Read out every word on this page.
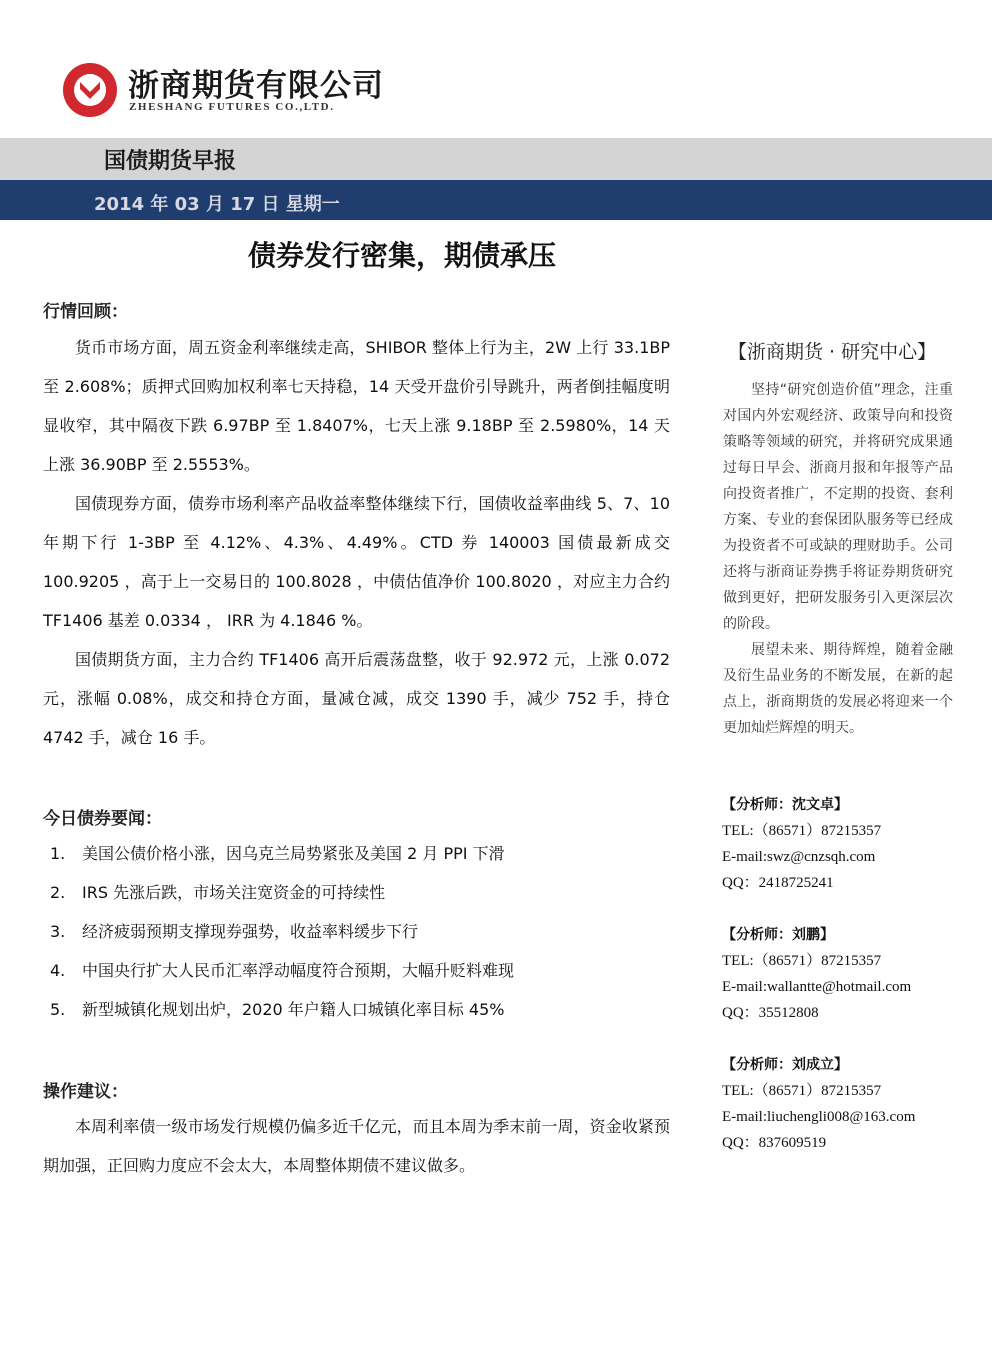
浙商期货有限公司
ZHESHANG FUTURES CO.,LTD.
国债期货早报
2014 年 03 月 17 日 星期一
债券发行密集，期债承压
行情回顾：

货币市场方面，周五资金利率继续走高，SHIBOR 整体上行为主，2W 上行 33.1BP 至 2.608%；质押式回购加权利率七天持稳，14 天受开盘价引导跳升，两者倒挂幅度明显收窄，其中隔夜下跌 6.97BP 至 1.8407%，七天上涨 9.18BP 至 2.5980%，14 天上涨 36.90BP 至 2.5553%。

国债现券方面，债券市场利率产品收益率整体继续下行，国债收益率曲线 5、7、10 年期下行 1-3BP 至 4.12%、4.3%、4.49%。CTD 券 140003 国债最新成交 100.9205 ，高于上一交易日的 100.8028 ，中债估值净价 100.8020 ，对应主力合约 TF1406 基差 0.0334 ， IRR 为 4.1846 %。

国债期货方面，主力合约 TF1406 高开后震荡盘整，收于 92.972 元，上涨 0.072 元，涨幅 0.08%，成交和持仓方面，量减仓减，成交 1390 手，减少 752 手，持仓 4742 手，减仓 16 手。

今日债券要闻：
1. 美国公债价格小涨，因乌克兰局势紧张及美国 2 月 PPI 下滑
2. IRS 先涨后跌，市场关注宽资金的可持续性
3. 经济疲弱预期支撑现券强势，收益率料缓步下行
4. 中国央行扩大人民币汇率浮动幅度符合预期，大幅升贬料难现
5. 新型城镇化规划出炉，2020 年户籍人口城镇化率目标 45%
操作建议：

本周利率债一级市场发行规模仍偏多近千亿元，而且本周为季末前一周，资金收紧预期加强，正回购力度应不会太大，本周整体期债不建议做多。

【浙商期货 · 研究中心】

坚持“研究创造价值”理念，注重对国内外宏观经济、政策导向和投资策略等领域的研究，并将研究成果通过每日早会、浙商月报和年报等产品向投资者推广，不定期的投资、套利方案、专业的套保团队服务等已经成为投资者不可或缺的理财助手。公司还将与浙商证券携手将证券期货研究做到更好，把研发服务引入更深层次的阶段。

展望未来、期待辉煌，随着金融及衍生品业务的不断发展，在新的起点上，浙商期货的发展必将迎来一个更加灿烂辉煌的明天。

【分析师：沈文卓】
TEL:（86571）87215357
E-mail:swz@cnzsqh.com
QQ：2418725241
【分析师：刘鹏】
TEL:（86571）87215357
E-mail:wallantte@hotmail.com
QQ：35512808
【分析师：刘成立】
TEL:（86571）87215357
E-mail:liuchengli008@163.com
QQ：837609519
